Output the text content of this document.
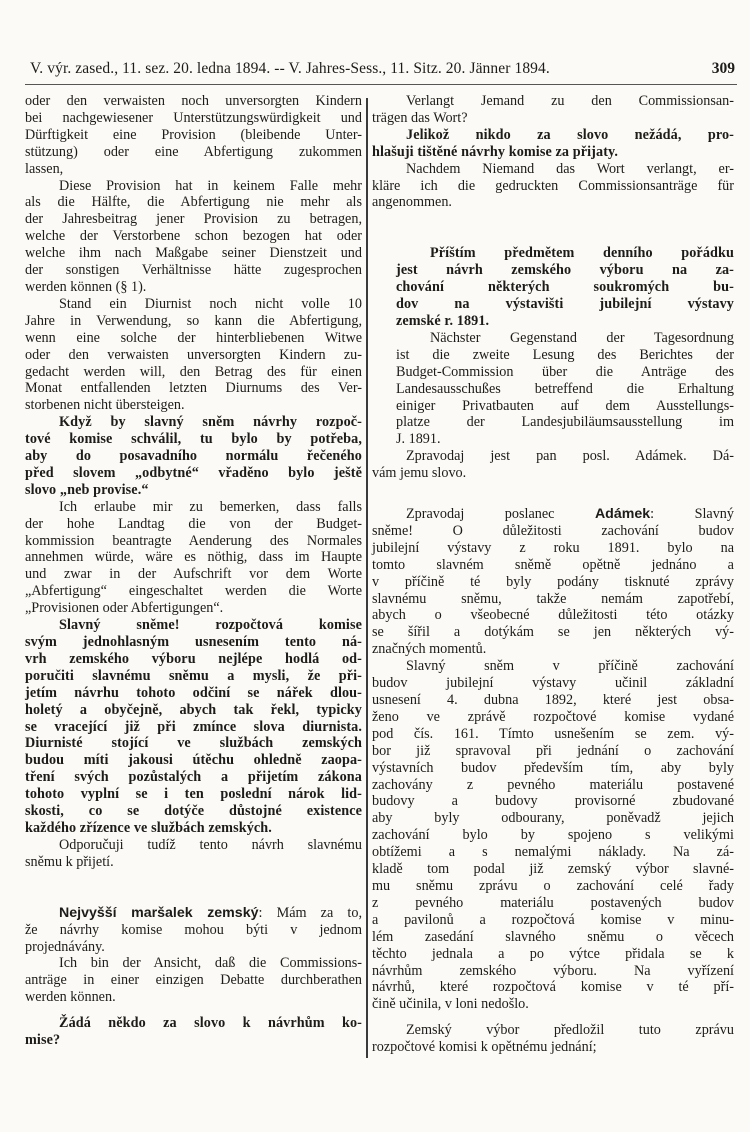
V. výr. zased., 11. sez. 20. ledna 1894. -- V. Jahres-Sess., 11. Sitz. 20. Jänner 1894.	309
oder den verwaisten noch unversorgten Kindern
bei nachgewiesener Unterstützungswürdigkeit und
Dürftigkeit eine Provision (bleibende Unter-
stützung) oder eine Abfertigung zukommen
lassen,
Diese Provision hat in keinem Falle mehr
als die Hälfte, die Abfertigung nie mehr als
der Jahresbeitrag jener Provision zu betragen,
welche der Verstorbene schon bezogen hat oder
welche ihm nach Maßgabe seiner Dienstzeit und
der sonstigen Verhältnisse hätte zugesprochen
werden können (§ 1).
Stand ein Diurnist noch nicht volle 10
Jahre in Verwendung, so kann die Abfertigung,
wenn eine solche der hinterbliebenen Witwe
oder den verwaisten unversorgten Kindern zu-
gedacht werden will, den Betrag des für einen
Monat entfallenden letzten Diurnums des Ver-
storbenen nicht übersteigen.
Když by slavný sněm návrhy rozpoč-
tové komise schválil, tu bylo by potřeba,
aby do posavadního normálu řečeného
před slovem „odbytné“ vřaděno bylo ještě
slovo „neb provise.“
Ich erlaube mir zu bemerken, dass falls
der hohe Landtag die von der Budget-
kommission beantragte Aenderung des Normales
annehmen würde, wäre es nöthig, dass im Haupte
und zwar in der Aufschrift vor dem Worte
„Abfertigung“ eingeschaltet werden die Worte
„Provisionen oder Abfertigungen“.
Slavný sněme! rozpočtová komise
svým jednohlasným usnesením tento ná-
vrh zemského výboru nejlépe hodlá od-
poručiti slavnému sněmu a mysli, že při-
jetím návrhu tohoto odčiní se nářek dlou-
holetý a obyčejně, abych tak řekl, typicky
se vracející již při zmínce slova diurnista.
Diurnisté stojící ve službách zemských
budou míti jakousi útěchu ohledně zaopa-
tření svých pozůstalých a přijetím zákona
tohoto vyplní se i ten poslední nárok lid-
skosti, co se dotýče důstojné existence
každého zřízence ve službách zemských.
Odporučuji tudíž tento návrh slavnému
sněmu k přijetí.
Nejvyšší maršalek zemský: Mám za to,
že návrhy komise mohou býti v jednom
projednávány.
Ich bin der Ansicht, daß die Commissions-
anträge in einer einzigen Debatte durchberathen
werden können.
Žádá někdo za slovo k návrhům ko-
mise?
Verlangt Jemand zu den Commissionsan-
trägen das Wort?
Jelikož nikdo za slovo nežádá, pro-
hlašuji tištěné návrhy komise za přijaty.
Nachdem Niemand das Wort verlangt, er-
kläre ich die gedruckten Commissionsanträge für
angenommen.
Příštím předmětem denního pořádku
jest návrh zemského výboru na za-
chování některých soukromých bu-
dov na výstavišti jubilejní výstavy
zemské r. 1891.
Nächster Gegenstand der Tagesordnung
ist die zweite Lesung des Berichtes der
Budget-Commission über die Anträge des
Landesausschußes betreffend die Erhaltung
einiger Privatbauten auf dem Ausstellungs-
platze der Landesjubiläumsausstellung im
J. 1891.
Zpravodaj jest pan posl. Adámek. Dá-
vám jemu slovo.
Zpravodaj poslanec Adámek: Slavný
sněme! O důležitosti zachování budov
jubilejní výstavy z roku 1891. bylo na
tomto slavném sněmě opětně jednáno a
v příčině té byly podány tisknuté zprávy
slavnému sněmu, takže nemám zapotřebí,
abych o všeobecné důležitosti této otázky
se šířil a dotýkám se jen některých vý-
značných momentů.
Slavný sněm v příčině zachování
budov jubilejní výstavy učinil základní
usnesení 4. dubna 1892, které jest obsa-
ženo ve zprávě rozpočtové komise vydané
pod čís. 161. Tímto usnešením se zem. vý-
bor již spravoval při jednání o zachování
výstavních budov především tím, aby byly
zachovány z pevného materiálu postavené
budovy a budovy provisorné zbudované
aby byly odbourany, poněvadž jejich
zachování bylo by spojeno s velikými
obtížemi a s nemalými náklady. Na zá-
kladě tom podal již zemský výbor slavné-
mu sněmu zprávu o zachování celé řady
z pevného materiálu postavených budov
a pavilonů a rozpočtová komise v minu-
lém zasedání slavného sněmu o věcech
těchto jednala a po výtce přidala se k
návrhům zemského výboru. Na vyřízení
návrhů, které rozpočtová komise v té pří-
čině učinila, v loni nedošlo.
Zemský výbor předložil tuto zprávu
rozpočtové komisi k opětnému jednání;
